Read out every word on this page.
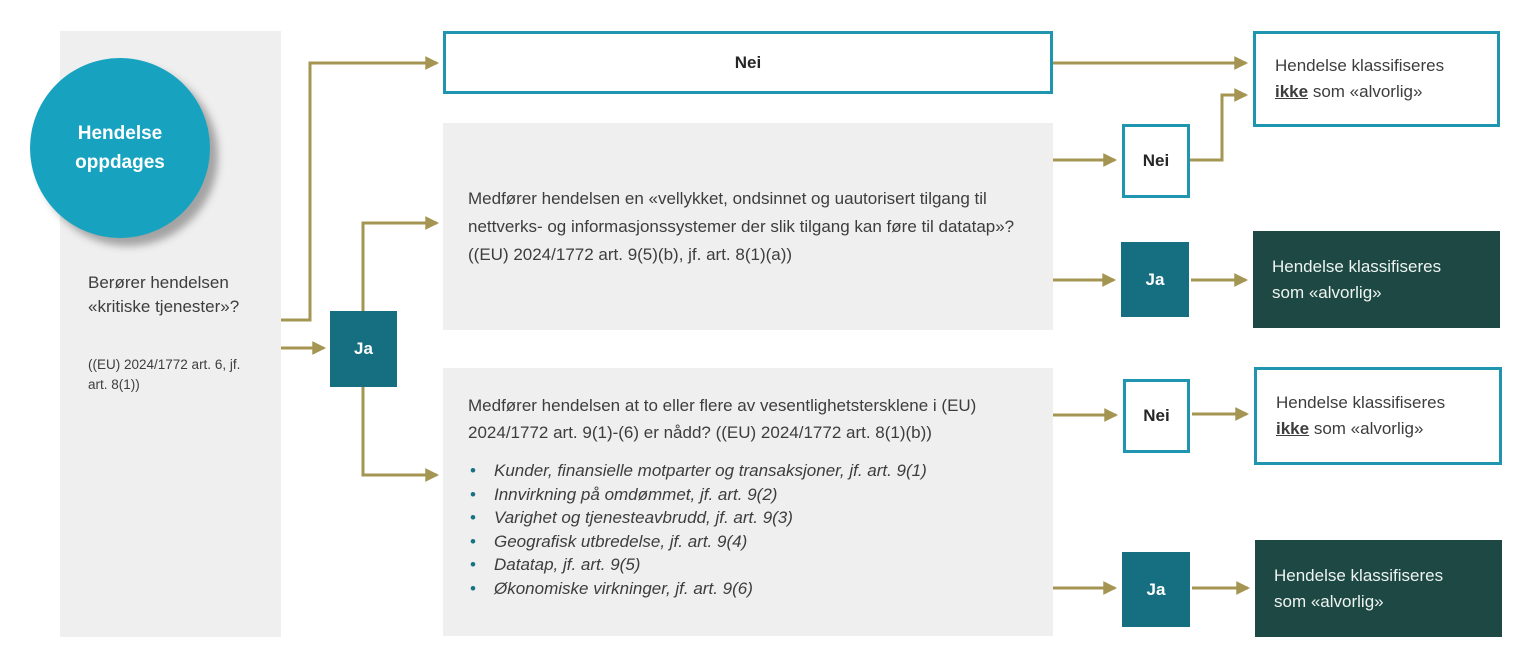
Hendelse oppdages
Berører hendelsen «kritiske tjenester»?
((EU) 2024/1772 art. 6, jf. art. 8(1))
Nei
Ja
Medfører hendelsen en «vellykket, ondsinnet og uautorisert tilgang til nettverks- og informasjonssystemer der slik tilgang kan føre til datatap»? ((EU) 2024/1772 art. 9(5)(b), jf. art. 8(1)(a))
Medfører hendelsen at to eller flere av vesentlighetstersklene i (EU) 2024/1772 art. 9(1)-(6) er nådd? ((EU) 2024/1772 art. 8(1)(b))
• Kunder, finansielle motparter og transaksjoner, jf. art. 9(1)
• Innvirkning på omdømmet, jf. art. 9(2)
• Varighet og tjenesteavbrudd, jf. art. 9(3)
• Geografisk utbredelse, jf. art. 9(4)
• Datatap, jf. art. 9(5)
• Økonomiske virkninger, jf. art. 9(6)
Nei
Ja
Nei
Ja
Hendelse klassifiseres
ikke som «alvorlig»
Hendelse klassifiseres
som «alvorlig»
Hendelse klassifiseres
ikke som «alvorlig»
Hendelse klassifiseres
som «alvorlig»
